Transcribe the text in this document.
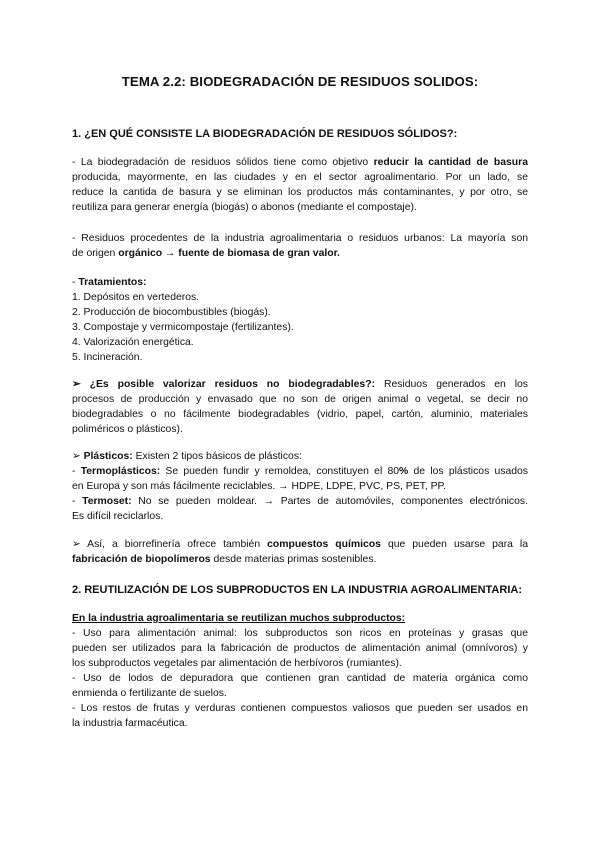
TEMA 2.2: BIODEGRADACIÓN DE RESIDUOS SOLIDOS:
1. ¿EN QUÉ CONSISTE LA BIODEGRADACIÓN DE RESIDUOS SÓLIDOS?:
- La biodegradación de residuos sólidos tiene como objetivo reducir la cantidad de basura
producida, mayormente, en las ciudades y en el sector agroalimentario. Por un lado, se
reduce la cantida de basura y se eliminan los productos más contaminantes, y por otro, se
reutiliza para generar energía (biogás) o abonos (mediante el compostaje).
- Residuos procedentes de la industria agroalimentaria o residuos urbanos: La mayoría son
de origen orgánico → fuente de biomasa de gran valor.
- Tratamientos:
1. Depósitos en vertederos.
2. Producción de biocombustibles (biogás).
3. Compostaje y vermicompostaje (fertilizantes).
4. Valorización energética.
5. Incineración.
➢ ¿Es posible valorizar residuos no biodegradables?: Residuos generados en los
procesos de producción y envasado que no son de origen animal o vegetal, se decir no
biodegradables o no fácilmente biodegradables (vidrio, papel, cartón, aluminio, materiales
poliméricos o plásticos).
➢ Plásticos: Existen 2 tipos básicos de plásticos:
- Termoplásticos: Se pueden fundir y remoldea, constituyen el 80% de los plásticos usados
en Europa y son más fácilmente reciclables. → HDPE, LDPE, PVC, PS, PET, PP.
- Termoset: No se pueden moldear. → Partes de automóviles, componentes electrónicos.
Es difícil reciclarlos.
➢ Así, a biorrefinería ofrece también compuestos químicos que pueden usarse para la
fabricación de biopolímeros desde materias primas sostenibles.
2. REUTILIZACIÓN DE LOS SUBPRODUCTOS EN LA INDUSTRIA AGROALIMENTARIA:
En la industria agroalimentaria se reutilizan muchos subproductos:
- Uso para alimentación animal: los subproductos son ricos en proteínas y grasas que
pueden ser utilizados para la fabricación de productos de alimentación animal (omnívoros) y
los subproductos vegetales par alimentación de herbívoros (rumiantes).
- Uso de lodos de depuradora que contienen gran cantidad de materia orgánica como
enmienda o fertilizante de suelos.
- Los restos de frutas y verduras contienen compuestos valiosos que pueden ser usados en
la industria farmacéutica.
